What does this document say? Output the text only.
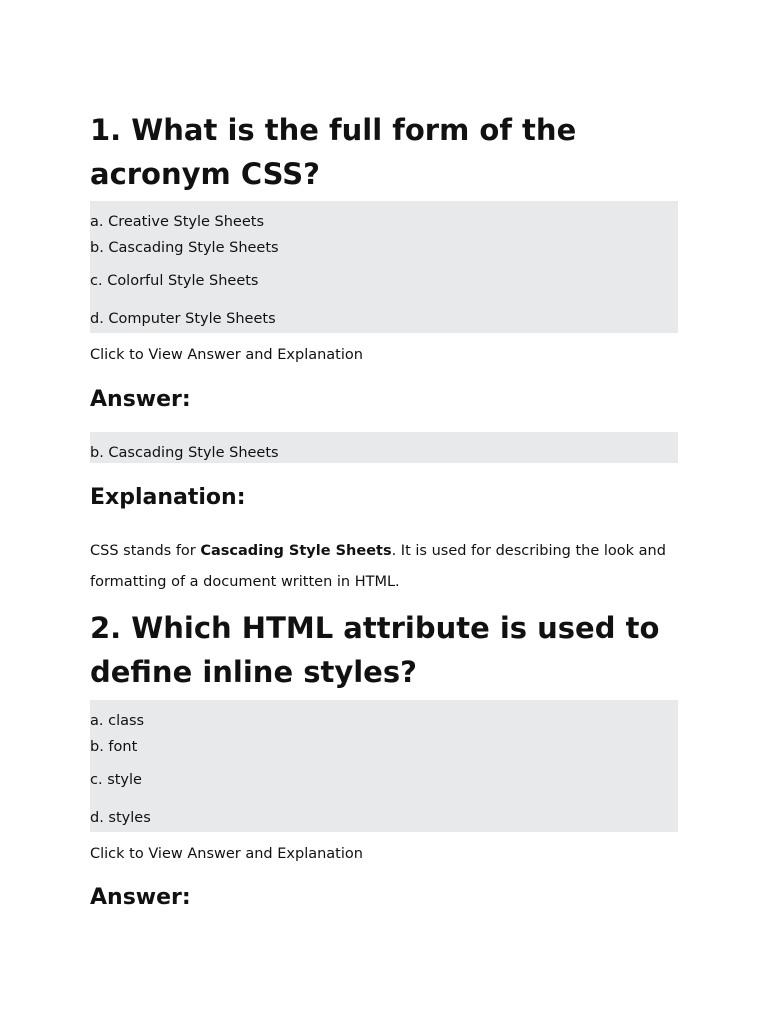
1. What is the full form of the acronym CSS?
a. Creative Style Sheets
b. Cascading Style Sheets
c. Colorful Style Sheets
d. Computer Style Sheets
Click to View Answer and Explanation
Answer:
b. Cascading Style Sheets
Explanation:

CSS stands for Cascading Style Sheets. It is used for describing the look and formatting of a document written in HTML.

2. Which HTML attribute is used to define inline styles?
a. class
b. font
c. style
d. styles
Click to View Answer and Explanation
Answer:
